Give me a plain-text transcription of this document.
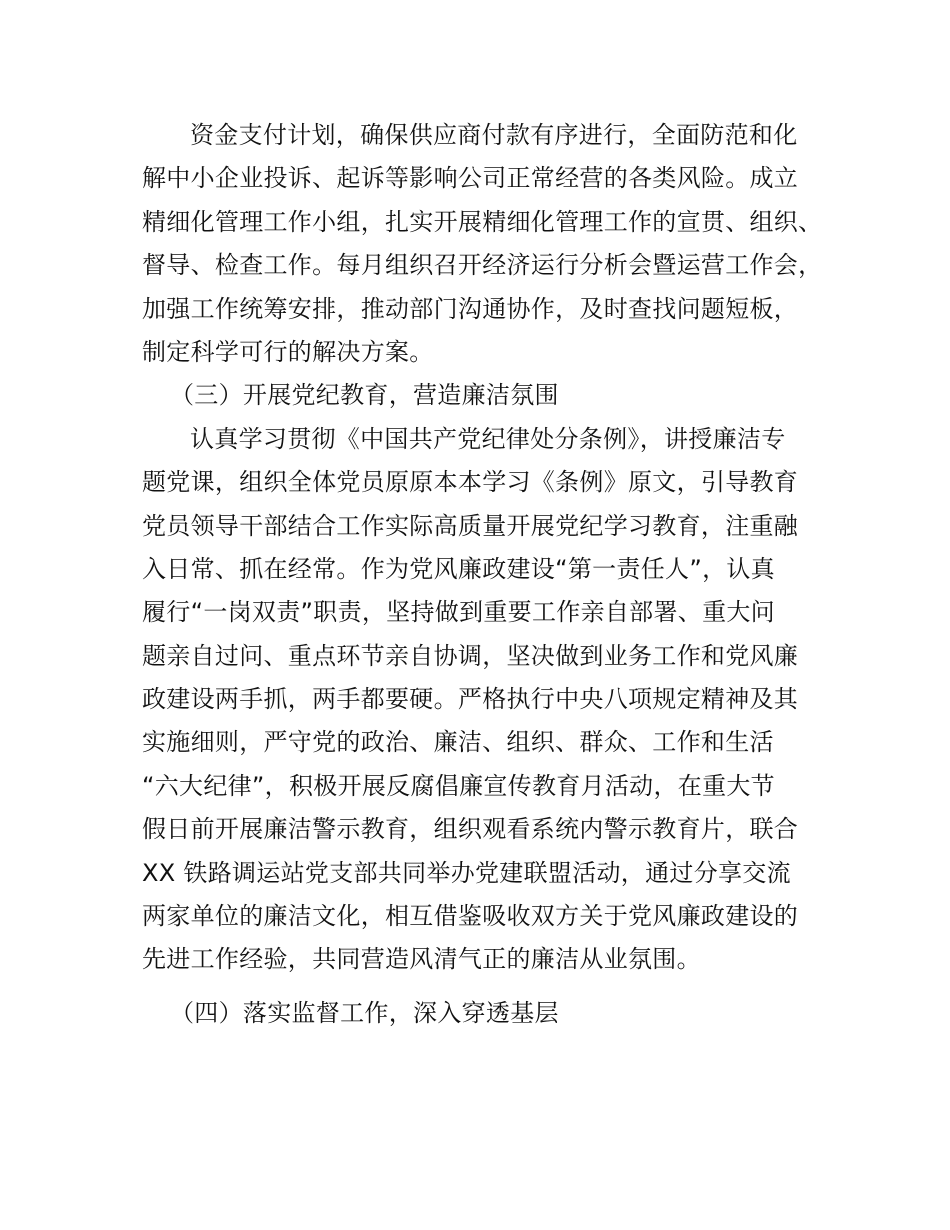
资金支付计划，确保供应商付款有序进行，全面防范和化
解中小企业投诉、起诉等影响公司正常经营的各类风险。成立
精细化管理工作小组，扎实开展精细化管理工作的宣贯、组织、
督导、检查工作。每月组织召开经济运行分析会暨运营工作会，
加强工作统筹安排，推动部门沟通协作，及时查找问题短板，
制定科学可行的解决方案。
（三）开展党纪教育，营造廉洁氛围
认真学习贯彻《中国共产党纪律处分条例》，讲授廉洁专
题党课，组织全体党员原原本本学习《条例》原文，引导教育
党员领导干部结合工作实际高质量开展党纪学习教育，注重融
入日常、抓在经常。作为党风廉政建设“第一责任人”，认真
履行“一岗双责”职责，坚持做到重要工作亲自部署、重大问
题亲自过问、重点环节亲自协调，坚决做到业务工作和党风廉
政建设两手抓，两手都要硬。严格执行中央八项规定精神及其
实施细则，严守党的政治、廉洁、组织、群众、工作和生活
“六大纪律”，积极开展反腐倡廉宣传教育月活动，在重大节
假日前开展廉洁警示教育，组织观看系统内警示教育片，联合
XX 铁路调运站党支部共同举办党建联盟活动，通过分享交流
两家单位的廉洁文化，相互借鉴吸收双方关于党风廉政建设的
先进工作经验，共同营造风清气正的廉洁从业氛围。
（四）落实监督工作，深入穿透基层
